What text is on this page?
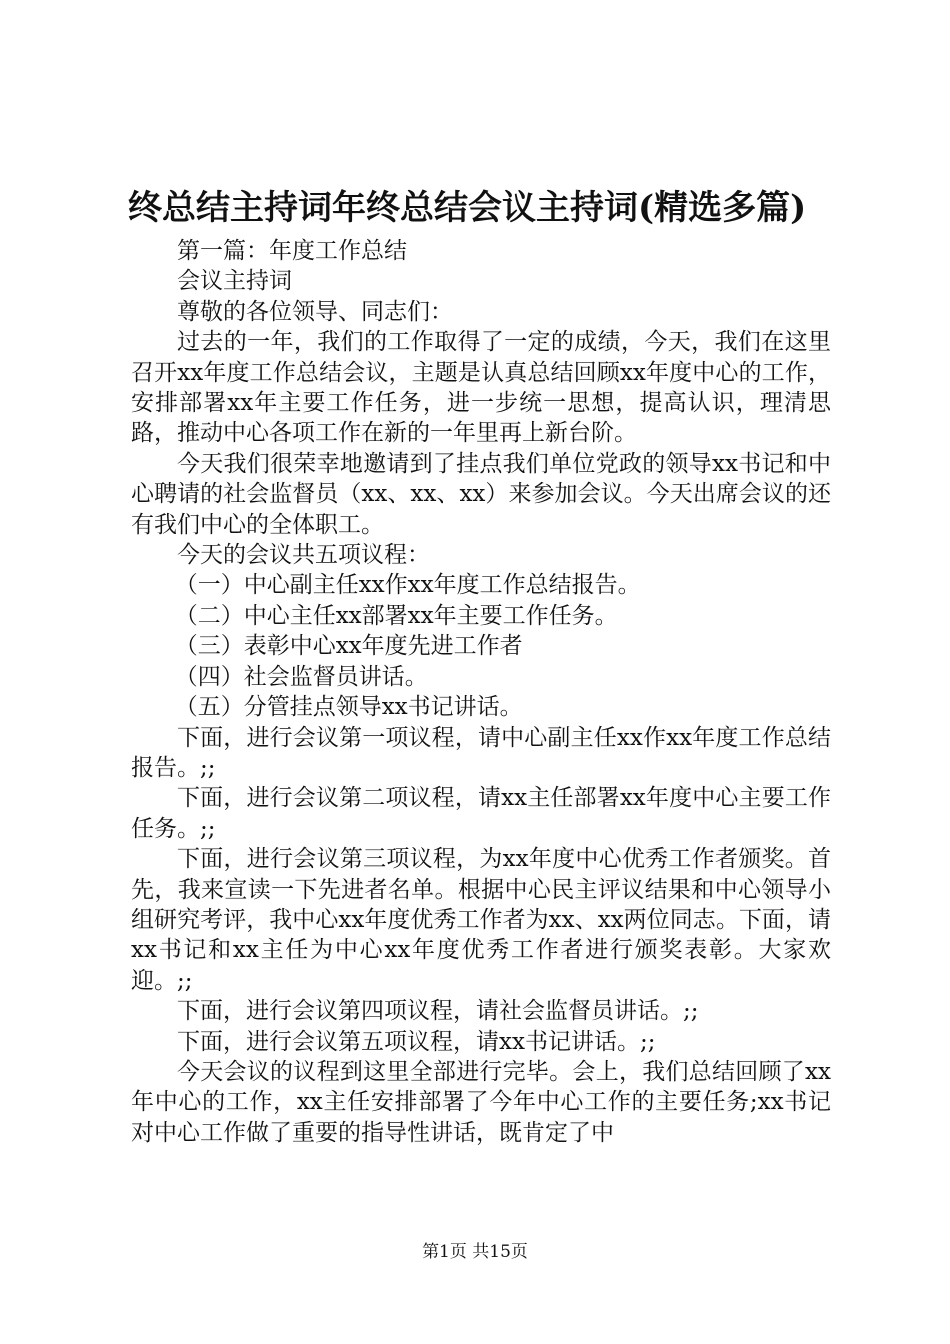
终总结主持词年终总结会议主持词(精选多篇)

第一篇：年度工作总结

会议主持词

尊敬的各位领导、同志们：

过去的一年，我们的工作取得了一定的成绩，今天，我们在这里召开xx年度工作总结会议，主题是认真总结回顾xx年度中心的工作，安排部署xx年主要工作任务，进一步统一思想，提高认识，理清思路，推动中心各项工作在新的一年里再上新台阶。

今天我们很荣幸地邀请到了挂点我们单位党政的领导xx书记和中心聘请的社会监督员（xx、xx、xx）来参加会议。今天出席会议的还有我们中心的全体职工。

今天的会议共五项议程：

（一）中心副主任xx作xx年度工作总结报告。

（二）中心主任xx部署xx年主要工作任务。

（三）表彰中心xx年度先进工作者

（四）社会监督员讲话。

（五）分管挂点领导xx书记讲话。

下面，进行会议第一项议程，请中心副主任xx作xx年度工作总结报告。;;

下面，进行会议第二项议程，请xx主任部署xx年度中心主要工作任务。;;

下面，进行会议第三项议程，为xx年度中心优秀工作者颁奖。首先，我来宣读一下先进者名单。根据中心民主评议结果和中心领导小组研究考评，我中心xx年度优秀工作者为xx、xx两位同志。下面，请xx书记和xx主任为中心xx年度优秀工作者进行颁奖表彰。大家欢迎。;;

下面，进行会议第四项议程，请社会监督员讲话。;;

下面，进行会议第五项议程，请xx书记讲话。;;

今天会议的议程到这里全部进行完毕。会上，我们总结回顾了xx年中心的工作，xx主任安排部署了今年中心工作的主要任务;xx书记对中心工作做了重要的指导性讲话，既肯定了中

第1页 共15页
